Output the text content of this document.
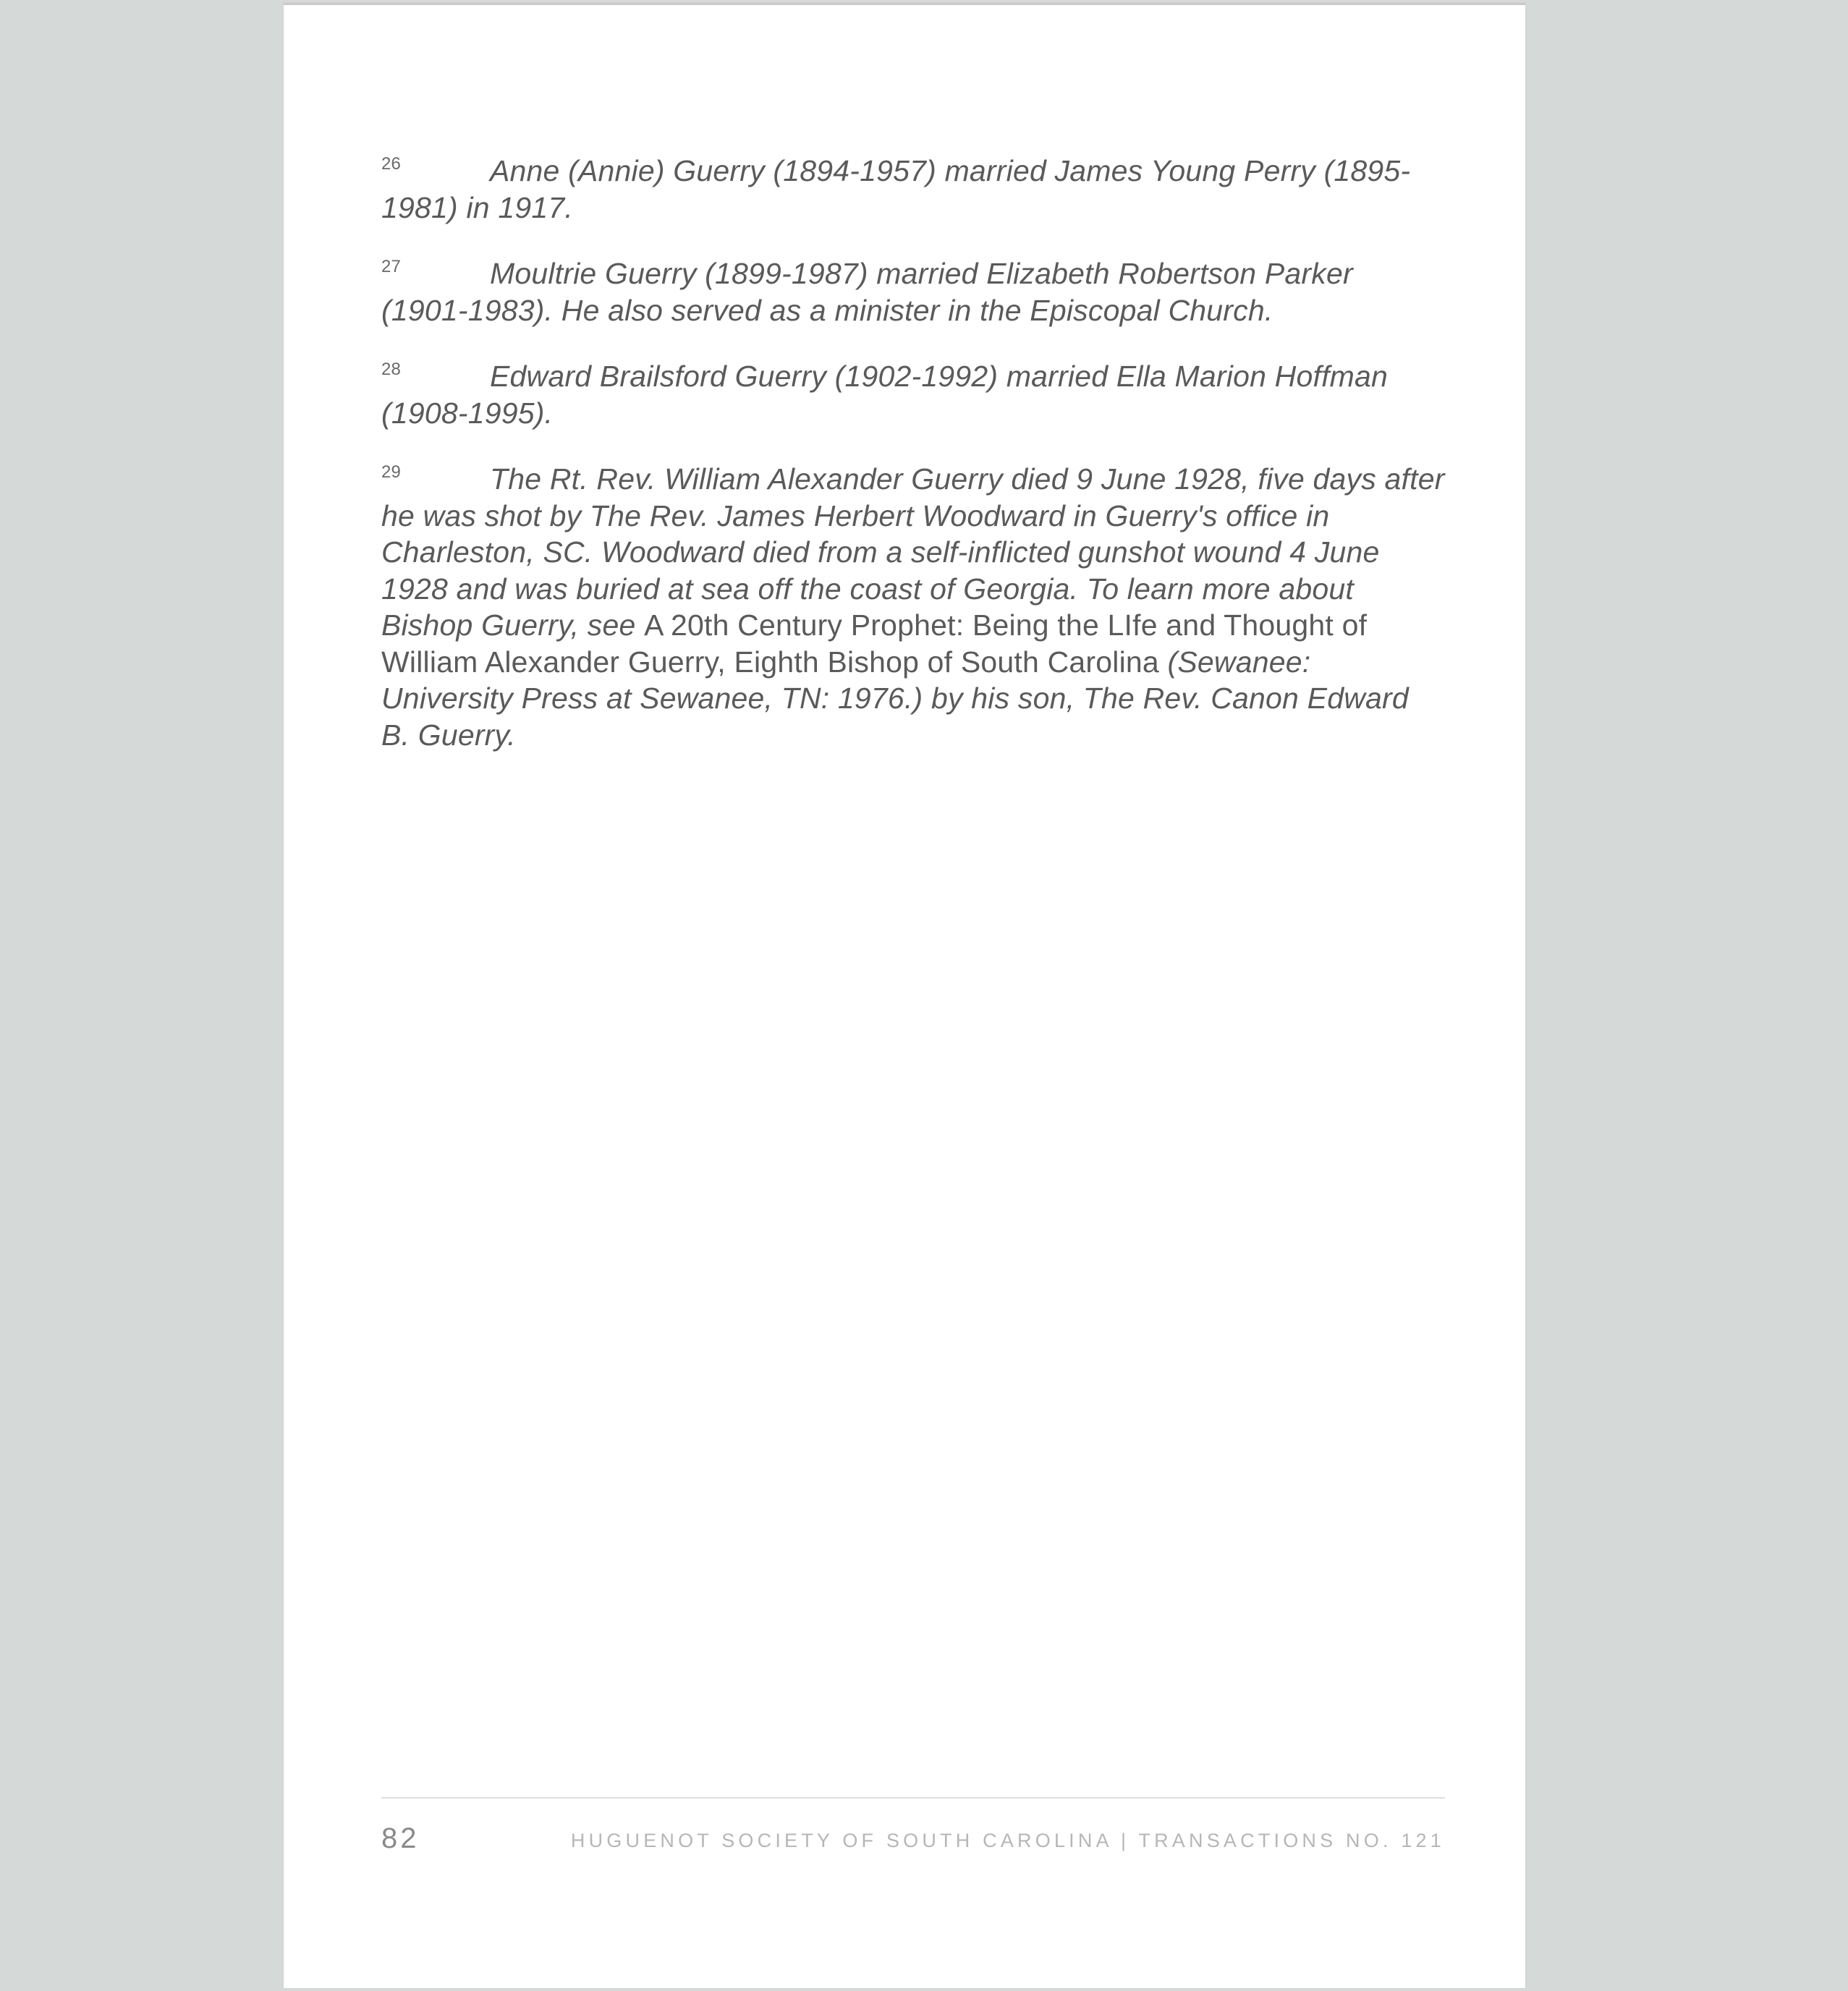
26	Anne (Annie) Guerry (1894-1957) married James Young Perry (1895-1981) in 1917.

27	Moultrie Guerry (1899-1987) married Elizabeth Robertson Parker (1901-1983). He also served as a minister in the Episcopal Church.

28	Edward Brailsford Guerry (1902-1992) married Ella Marion Hoffman (1908-1995).

29	The Rt. Rev. William Alexander Guerry died 9 June 1928, five days after he was shot by The Rev. James Herbert Woodward in Guerry's office in Charleston, SC. Woodward died from a self-inflicted gunshot wound 4 June 1928 and was buried at sea off the coast of Georgia. To learn more about Bishop Guerry, see A 20th Century Prophet: Being the LIfe and Thought of William Alexander Guerry, Eighth Bishop of South Carolina (Sewanee: University Press at Sewanee, TN: 1976.) by his son, The Rev. Canon Edward B. Guerry.

82	HUGUENOT SOCIETY OF SOUTH CAROLINA | TRANSACTIONS NO. 121
